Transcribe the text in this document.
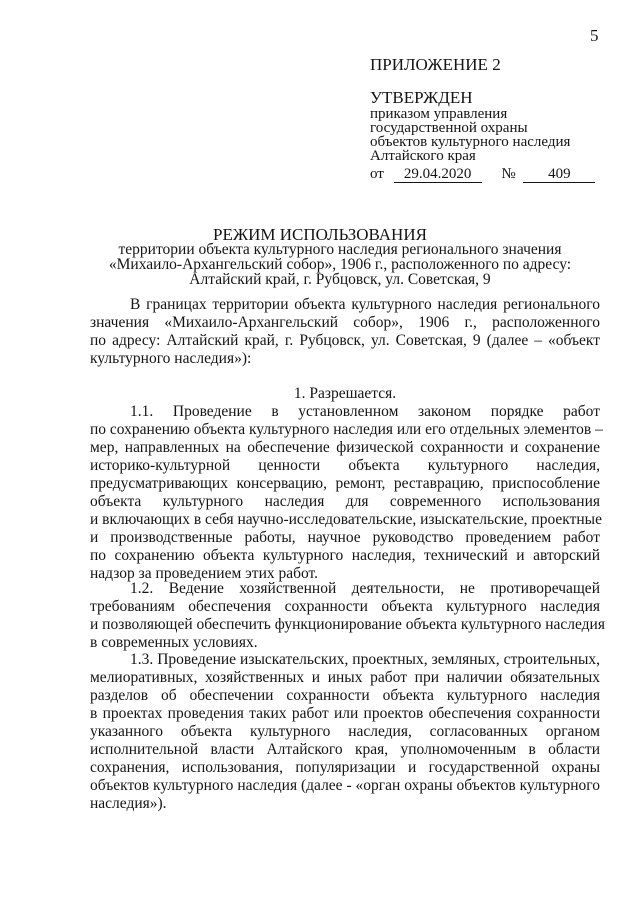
5
ПРИЛОЖЕНИЕ 2
УТВЕРЖДЕН
приказом управления
государственной охраны
объектов культурного наследия
Алтайского края
от 29.04.2020 № 409
РЕЖИМ ИСПОЛЬЗОВАНИЯ
территории объекта культурного наследия регионального значения
«Михаило-Архангельский собор», 1906 г., расположенного по адресу:
Алтайский край, г. Рубцовск, ул. Советская, 9
В границах территории объекта культурного наследия регионального
значения «Михаило-Архангельский собор», 1906 г., расположенного
по адресу: Алтайский край, г. Рубцовск, ул. Советская, 9 (далее – «объект
культурного наследия»):
1. Разрешается.
1.1. Проведение в установленном законом порядке работ
по сохранению объекта культурного наследия или его отдельных элементов –
мер, направленных на обеспечение физической сохранности и сохранение
историко-культурной ценности объекта культурного наследия,
предусматривающих консервацию, ремонт, реставрацию, приспособление
объекта культурного наследия для современного использования
и включающих в себя научно-исследовательские, изыскательские, проектные
и производственные работы, научное руководство проведением работ
по сохранению объекта культурного наследия, технический и авторский
надзор за проведением этих работ.
1.2. Ведение хозяйственной деятельности, не противоречащей
требованиям обеспечения сохранности объекта культурного наследия
и позволяющей обеспечить функционирование объекта культурного наследия
в современных условиях.
1.3. Проведение изыскательских, проектных, земляных, строительных,
мелиоративных, хозяйственных и иных работ при наличии обязательных
разделов об обеспечении сохранности объекта культурного наследия
в проектах проведения таких работ или проектов обеспечения сохранности
указанного объекта культурного наследия, согласованных органом
исполнительной власти Алтайского края, уполномоченным в области
сохранения, использования, популяризации и государственной охраны
объектов культурного наследия (далее - «орган охраны объектов культурного
наследия»).
